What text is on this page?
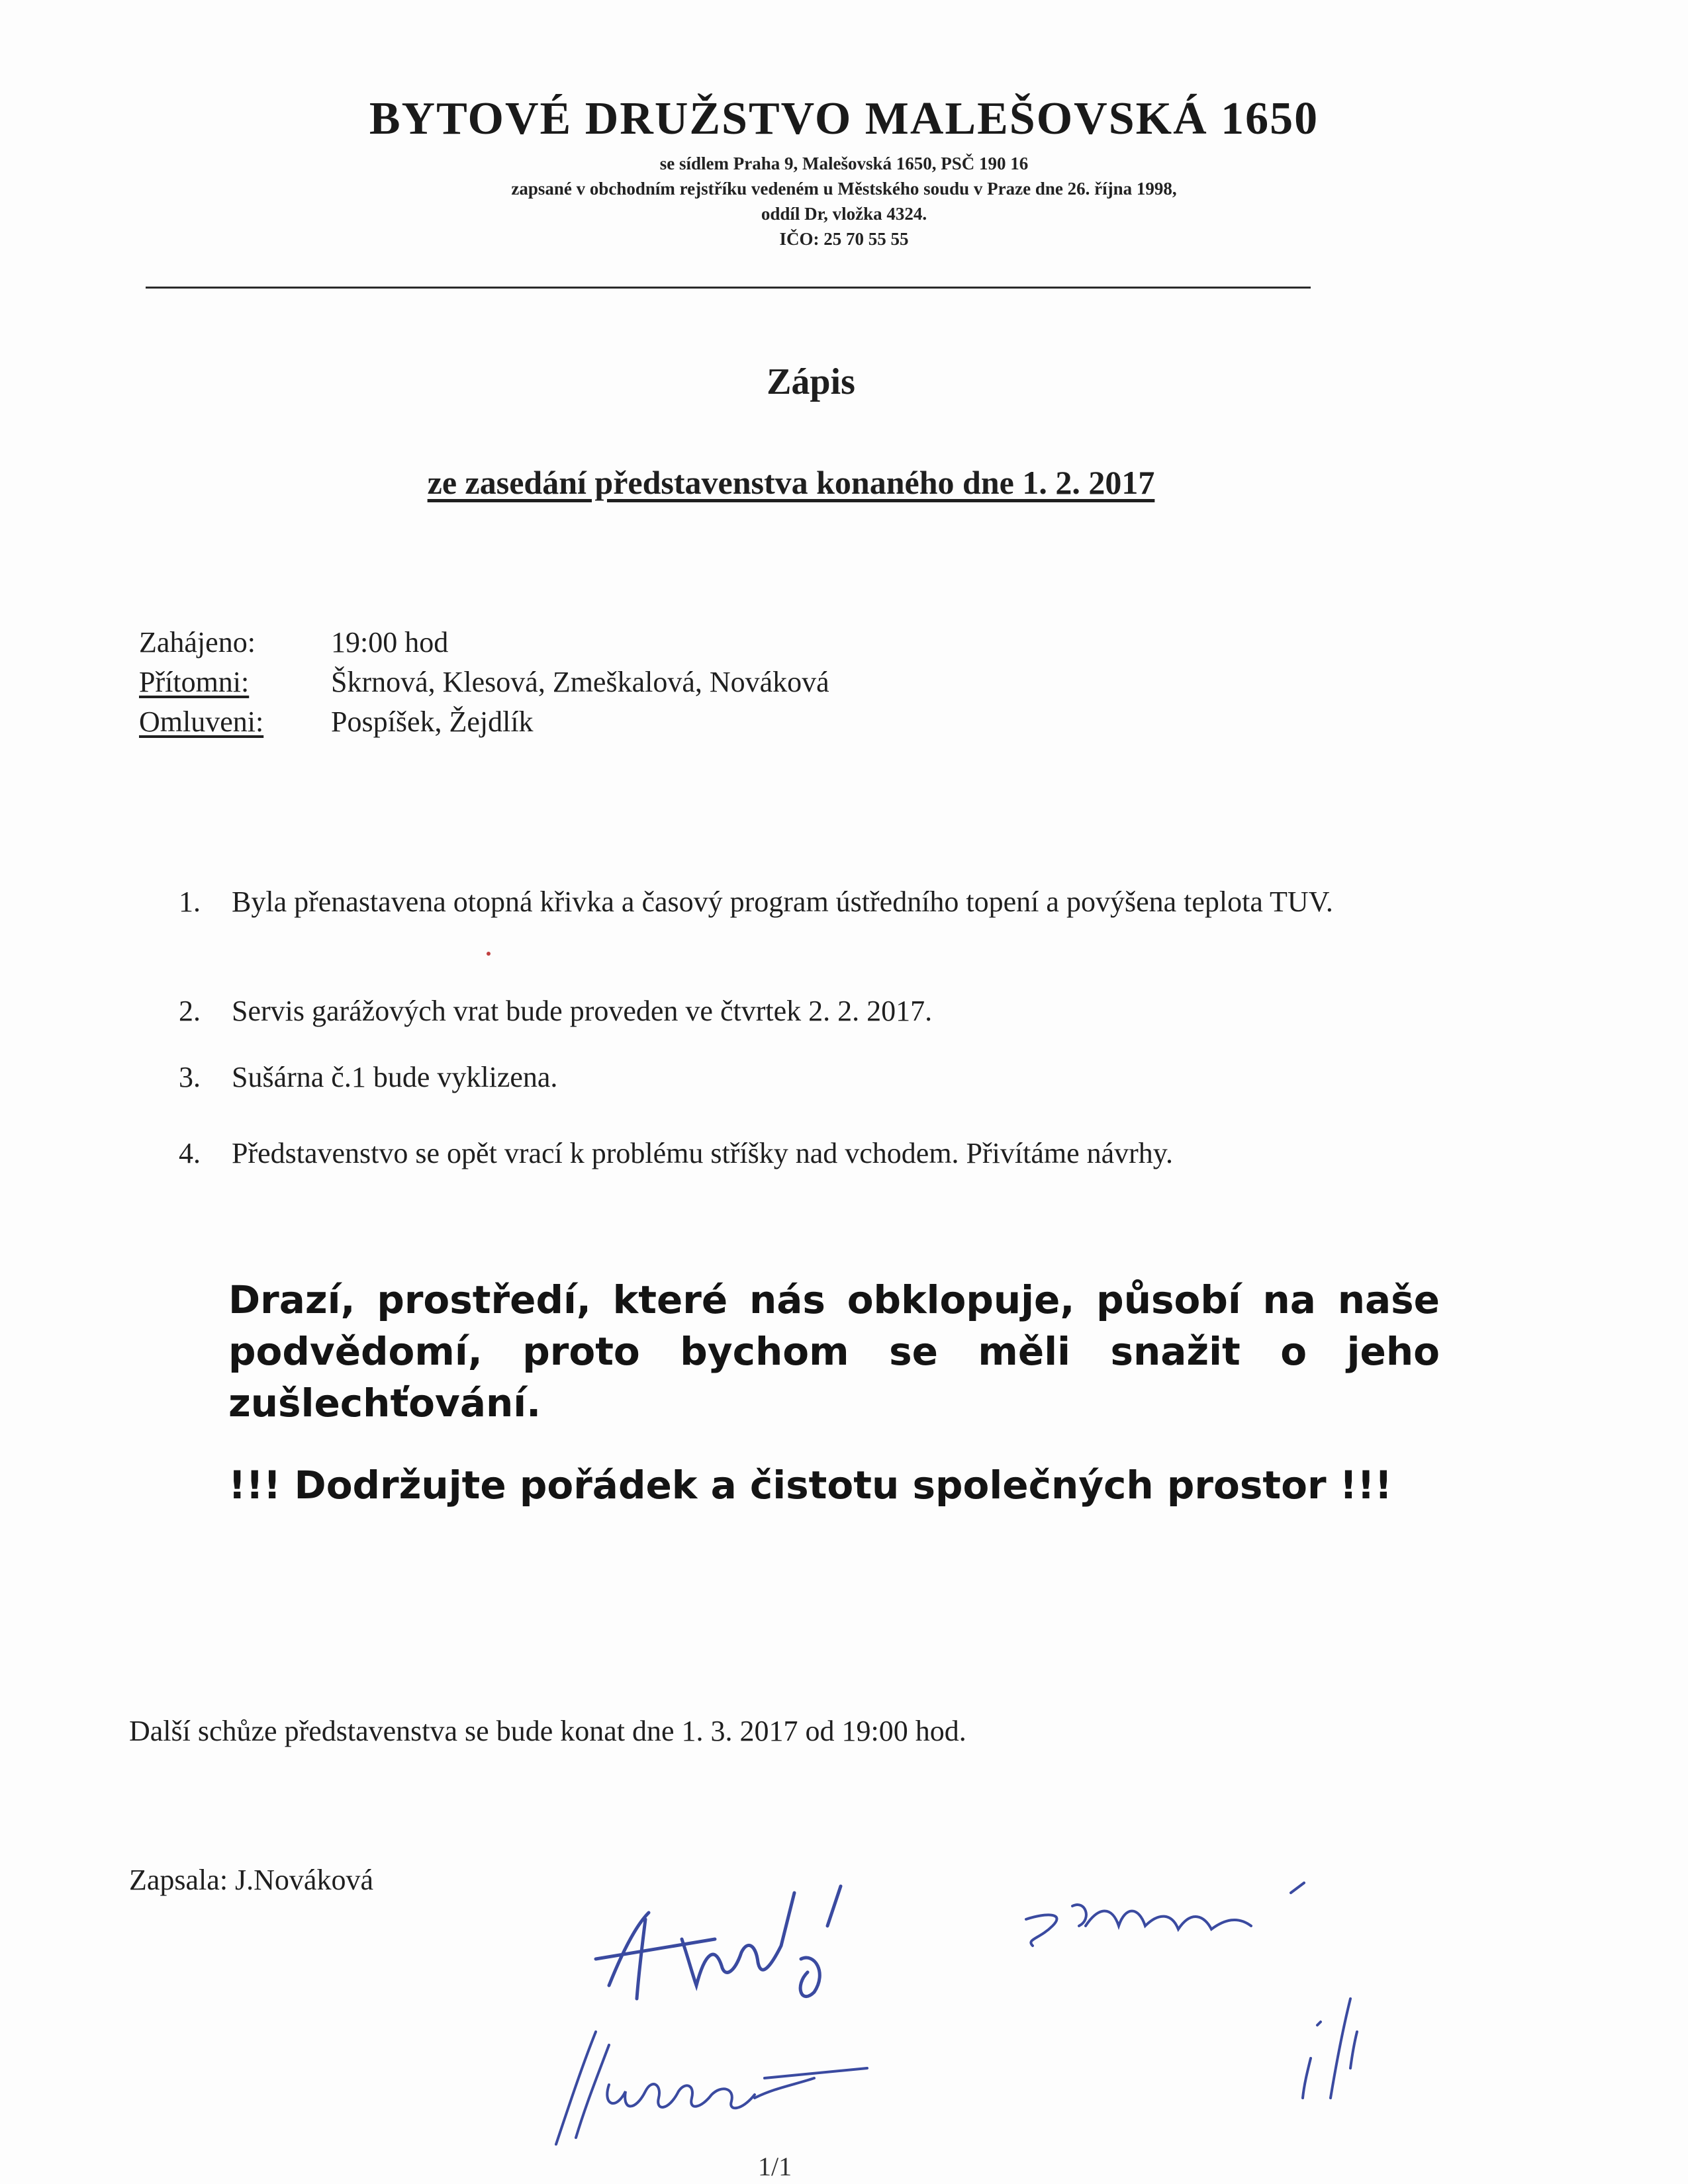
BYTOVÉ DRUŽSTVO MALEŠOVSKÁ 1650
se sídlem Praha 9, Malešovská 1650, PSČ 190 16
zapsané v obchodním rejstříku vedeném u Městského soudu v Praze dne 26. října 1998,
oddíl Dr, vložka 4324.
IČO: 25 70 55 55
Zápis
ze zasedání představenstva konaného dne 1. 2. 2017
Zahájeno:	19:00 hod
Přítomni:	Škrnová, Klesová, Zmeškalová, Nováková
Omluveni:	Pospíšek, Žejdlík
1.	Byla přenastavena otopná křivka a časový program ústředního topení a povýšena teplota TUV.
2.	Servis garážových vrat bude proveden ve čtvrtek 2. 2. 2017.
3.	Sušárna č.1 bude vyklizena.
4.	Představenstvo se opět vrací k problému stříšky nad vchodem. Přivítáme návrhy.
Drazí, prostředí, které nás obklopuje, působí na naše podvědomí, proto bychom se měli snažit o jeho zušlechťování.
!!! Dodržujte pořádek a čistotu společných prostor !!!
Další schůze představenstva se bude konat dne 1. 3. 2017 od 19:00 hod.
Zapsala: J.Nováková
1/1
